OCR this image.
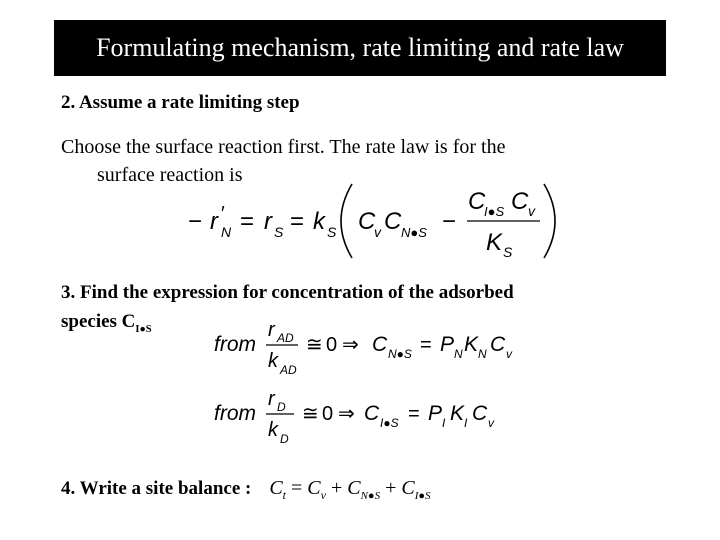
Formulating mechanism, rate limiting and rate law
2. Assume a rate limiting step
Choose the surface reaction first. The rate law is for the
surface reaction is
− r ′
N = r S = k S C
v C N●S −
C
I●S C v
K S
3. Find the expression for concentration of the adsorbed
species $C_{I●S}$
from
r AD
k AD
≅ 0 ⇒ C N●S = P N K N C v
from
r D
k D
≅ 0 ⇒ C I●S = P I K I C v
4. Write a site balance : $C_t = C_v + C_{N●S} + C_{I●S}$
